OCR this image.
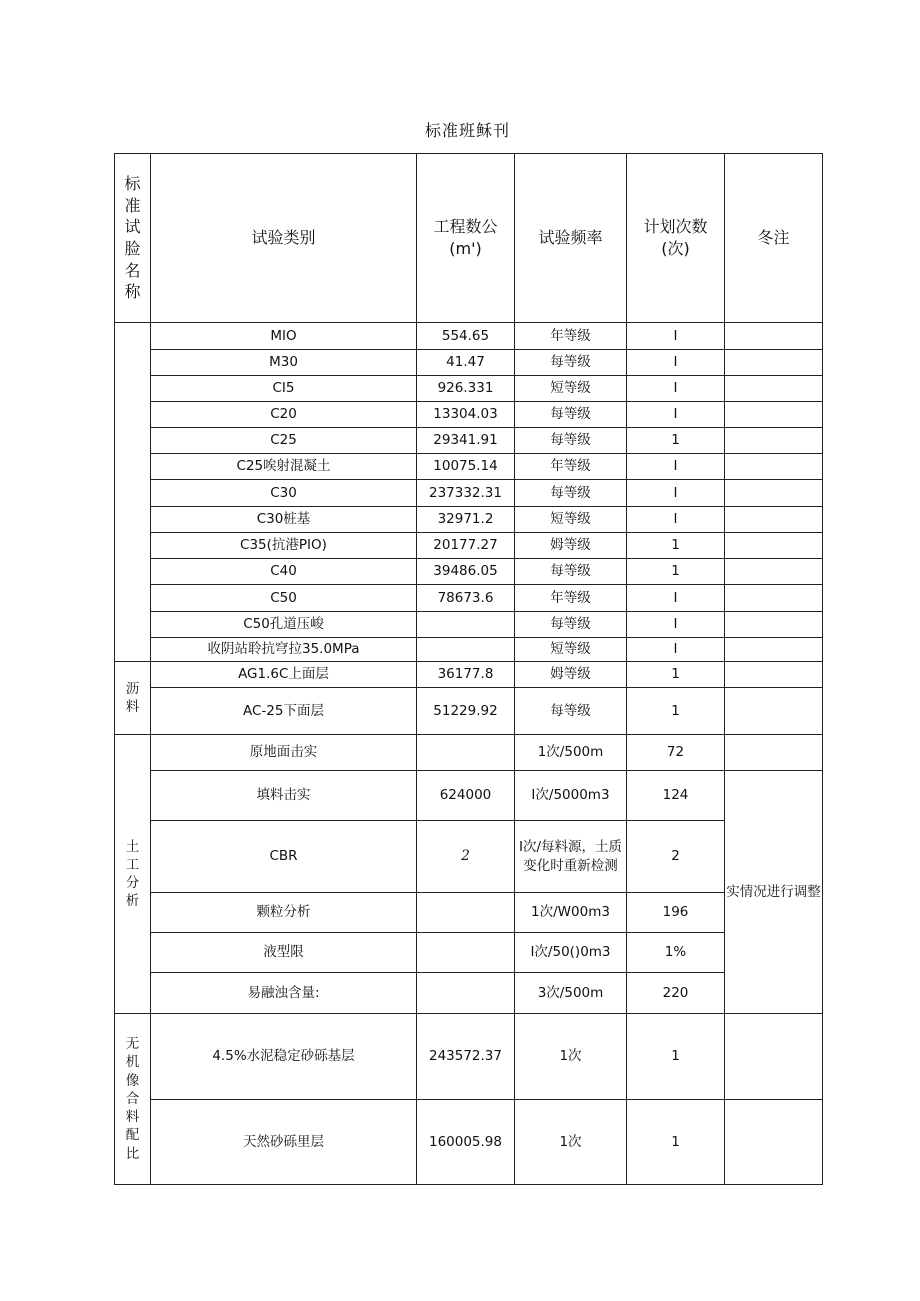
标准班稣刊
标准试脸名称	试验类别	工程数公(m')	试验频率	计划次数(次)	冬注
	MIO	554.65	年等级	I	
	M30	41.47	每等级	I	
	CI5	926.331	短等级	I	
	C20	13304.03	每等级	I	
	C25	29341.91	每等级	1	
	C25唉射混凝土	10075.14	年等级	I	
	C30	237332.31	每等级	I	
	C30桩基	32971.2	短等级	I	
	C35(抗港PIO)	20177.27	姆等级	1	
	C40	39486.05	每等级	1	
	C50	78673.6	年等级	I	
	C50孔道压峻		每等级	I	
	收阴站聆抗穹拉35.0MPa		短等级	I	
沥料	AG1.6C上面层	36177.8	姆等级	1	
	AC-25下面层	51229.92	每等级	1	
土工分析	原地面击实		1次/500m	72	
	填料击实	624000	I次/5000m3	124	实情况进行调整
	CBR	2	I次/每料源，土质变化时重新检测	2	
	颗粒分析		1次/W00m3	196	
	液型限		I次/50()0m3	1%	
	易融浊含量:		3次/500m	220	
无机像合料配比	4.5%水泥稳定砂砾基层	243572.37	1次	1	
	天然砂砾里层	160005.98	1次	1	
